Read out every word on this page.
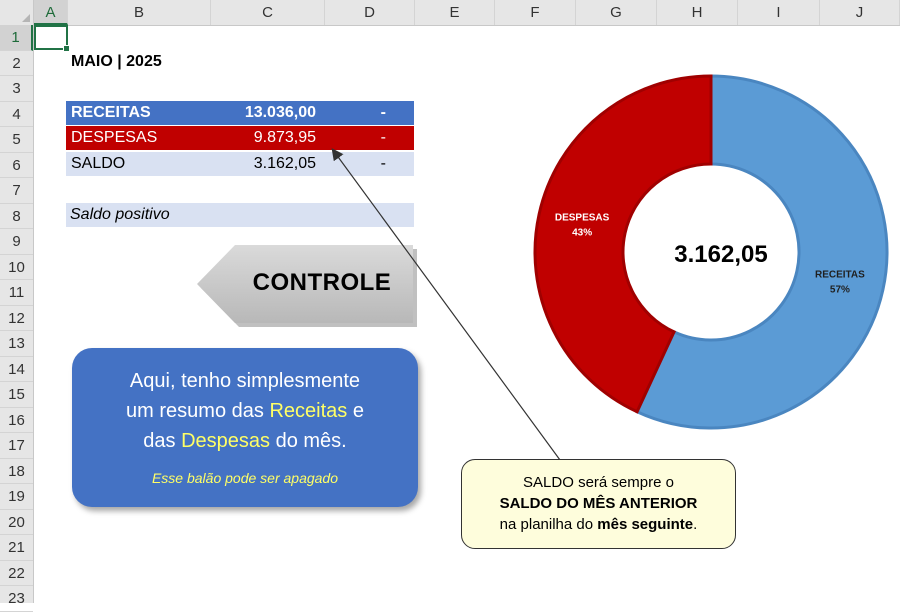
A	B	C	D	E	F	G	H	I	J
1
2
3
4
5
6
7
8
9
10
11
12
13
14
15
16
17
18
19
20
21
22
23
MAIO | 2025
RECEITAS	13.036,00	-
DESPESAS	9.873,95	-
SALDO	3.162,05	-
Saldo positivo
CONTROLE
Aqui, tenho simplesmente
um resumo das Receitas e
das Despesas do mês.
Esse balão pode ser apagado
RECEITAS
57%
DESPESAS
43%
3.162,05
SALDO será sempre o
SALDO DO MÊS ANTERIOR
na planilha do mês seguinte.
